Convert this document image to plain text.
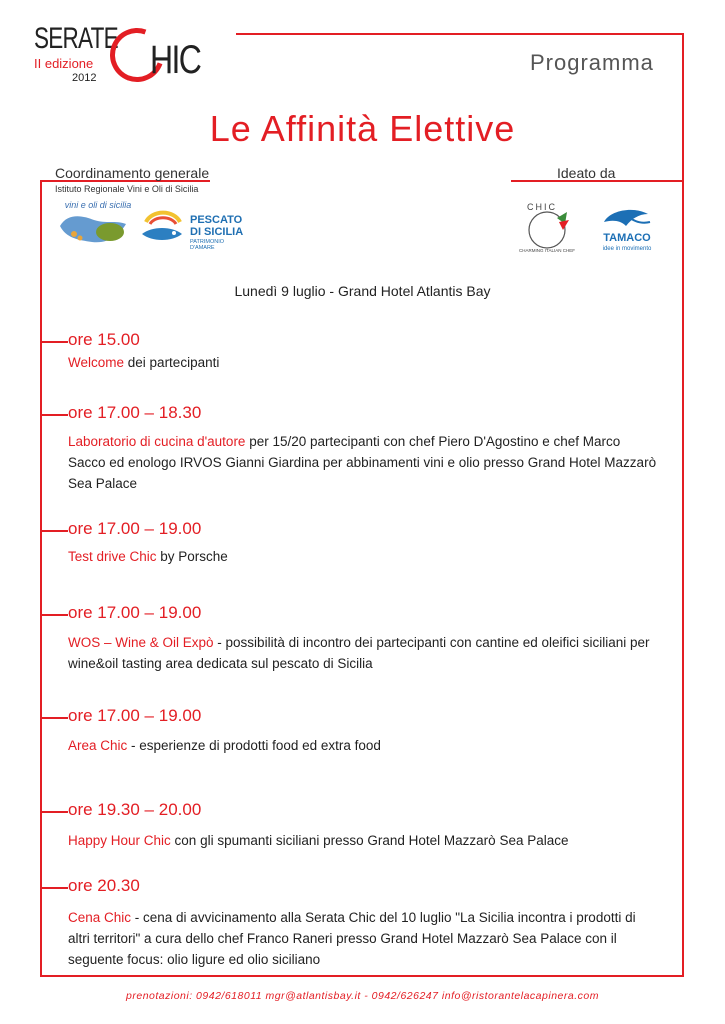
SERATE
II edizione
2012 HIC	Programma
Le Affinità Elettive
Coordinamento generale
Istituto Regionale Vini e Oli di Sicilia
Ideato da
vini e oli di sicilia
PESCATO
DI SICILIA
PATRIMONIO D'AMARE
CHIC
CHARMING ITALIAN CHEF
TAMACO
idee in movimento
Lunedì 9 luglio - Grand Hotel Atlantis Bay
ore 15.00
Welcome dei partecipanti
ore 17.00 – 18.30
Laboratorio di cucina d'autore per 15/20 partecipanti con chef Piero D'Agostino e chef Marco Sacco ed enologo IRVOS Gianni Giardina per abbinamenti vini e olio presso Grand Hotel Mazzarò Sea Palace
ore 17.00 – 19.00
Test drive Chic by Porsche
ore 17.00 – 19.00
WOS – Wine & Oil Expò - possibilità di incontro dei partecipanti con cantine ed oleifici siciliani per wine&oil tasting area dedicata sul pescato di Sicilia
ore 17.00 – 19.00
Area Chic - esperienze di prodotti food ed extra food
ore 19.30 – 20.00
Happy Hour Chic con gli spumanti siciliani presso Grand Hotel Mazzarò Sea Palace
ore 20.30
Cena Chic - cena di avvicinamento alla Serata Chic del 10 luglio "La Sicilia incontra i prodotti di altri territori" a cura dello chef Franco Raneri presso Grand Hotel Mazzarò Sea Palace con il seguente focus: olio ligure ed olio siciliano
prenotazioni: 0942/618011 mgr@atlantisbay.it - 0942/626247 info@ristorantelacapinera.com
